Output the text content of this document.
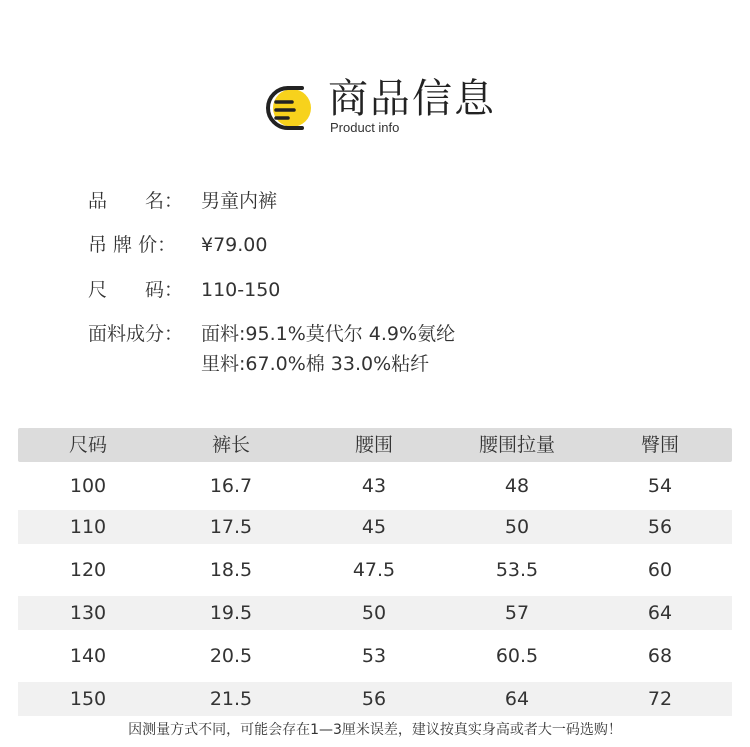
商品信息
Product info
品　　名： 男童内裤
吊 牌 价：	¥79.00
尺　　码： 110-150
面料成分： 面料:95.1%莫代尔 4.9%氨纶
里料:67.0%棉 33.0%粘纤
尺码	裤长	腰围	腰围拉量	臀围
100	16.7	43	48	54
110	17.5	45	50	56
120	18.5	47.5	53.5	60
130	19.5	50	57	64
140	20.5	53	60.5	68
150	21.5	56	64	72
因测量方式不同，可能会存在1—3厘米误差，建议按真实身高或者大一码选购！
